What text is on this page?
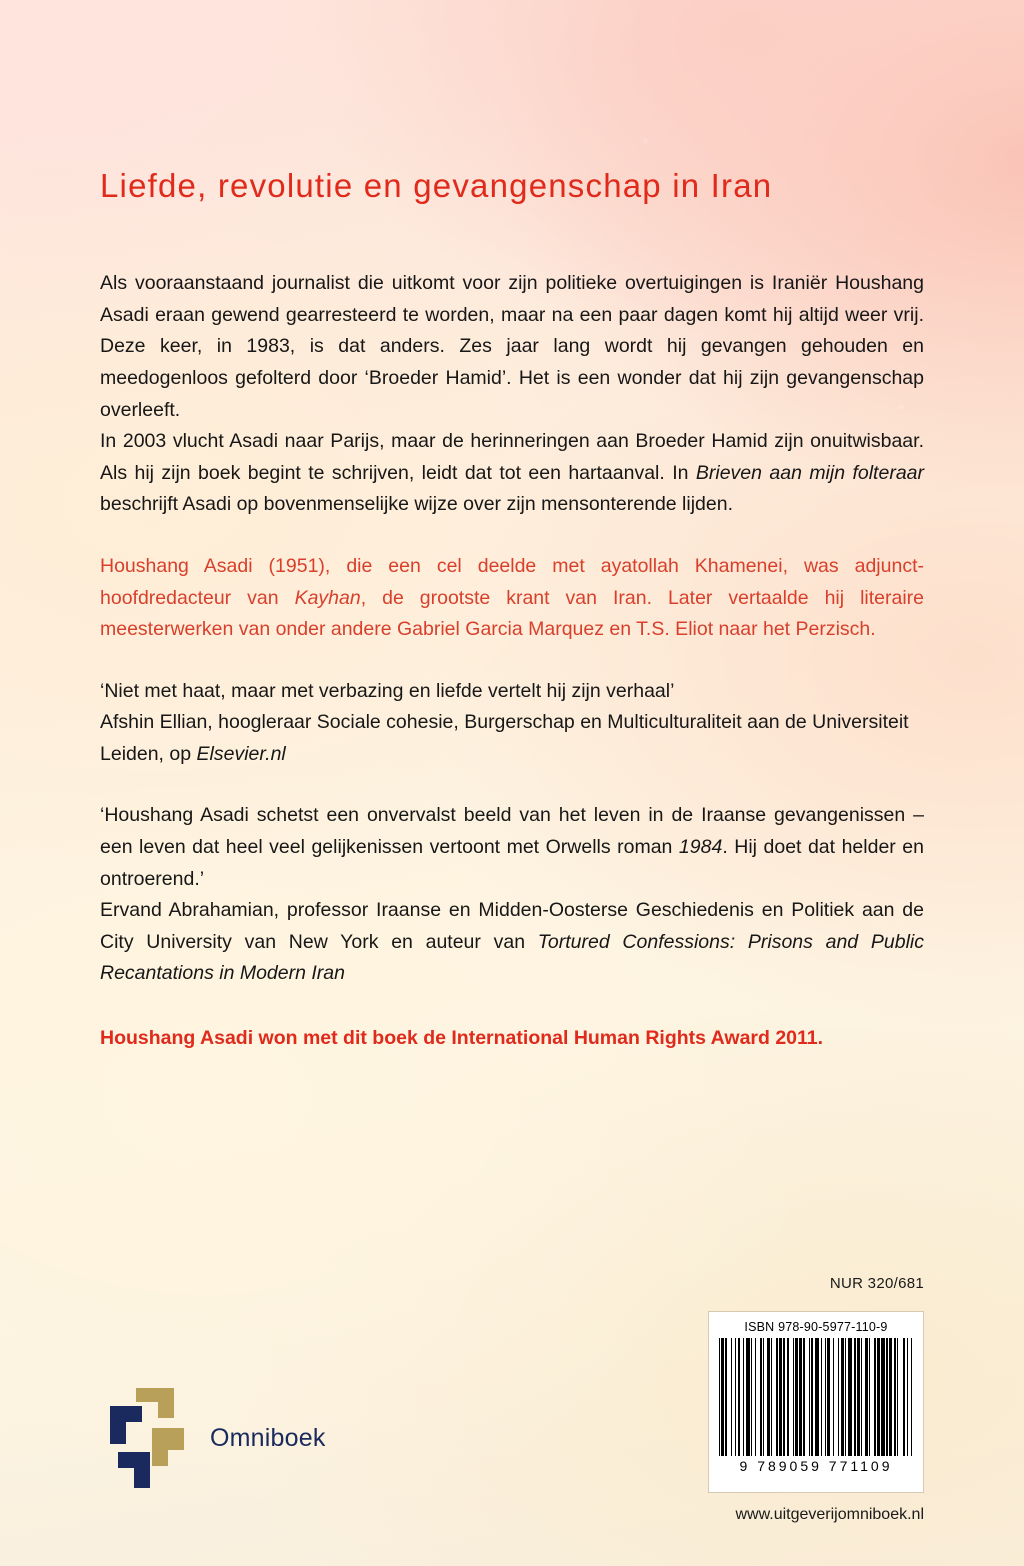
Liefde, revolutie en gevangenschap in Iran

Als vooraanstaand journalist die uitkomt voor zijn politieke overtuigingen is Iraniër Houshang Asadi eraan gewend gearresteerd te worden, maar na een paar dagen komt hij altijd weer vrij. Deze keer, in 1983, is dat anders. Zes jaar lang wordt hij gevangen gehouden en meedogenloos gefolterd door ‘Broeder Hamid’. Het is een wonder dat hij zijn gevangenschap overleeft.

In 2003 vlucht Asadi naar Parijs, maar de herinneringen aan Broeder Hamid zijn onuitwisbaar. Als hij zijn boek begint te schrijven, leidt dat tot een hartaanval. In Brieven aan mijn folteraar beschrijft Asadi op bovenmenselijke wijze over zijn mensonterende lijden.

Houshang Asadi (1951), die een cel deelde met ayatollah Khamenei, was adjunct-hoofdredacteur van Kayhan, de grootste krant van Iran. Later vertaalde hij literaire meesterwerken van onder andere Gabriel Garcia Marquez en T.S. Eliot naar het Perzisch.

‘Niet met haat, maar met verbazing en liefde vertelt hij zijn verhaal’

Afshin Ellian, hoogleraar Sociale cohesie, Burgerschap en Multiculturaliteit aan de Universiteit Leiden, op Elsevier.nl

‘Houshang Asadi schetst een onvervalst beeld van het leven in de Iraanse gevangenissen – een leven dat heel veel gelijkenissen vertoont met Orwells roman 1984. Hij doet dat helder en ontroerend.’

Ervand Abrahamian, professor Iraanse en Midden-Oosterse Geschiedenis en Politiek aan de City University van New York en auteur van Tortured Confessions: Prisons and Public Recantations in Modern Iran

Houshang Asadi won met dit boek de International Human Rights Award 2011.
NUR 320/681
ISBN 978-90-5977-110-9
9 789059 771109
www.uitgeverijomniboek.nl
Omniboek
